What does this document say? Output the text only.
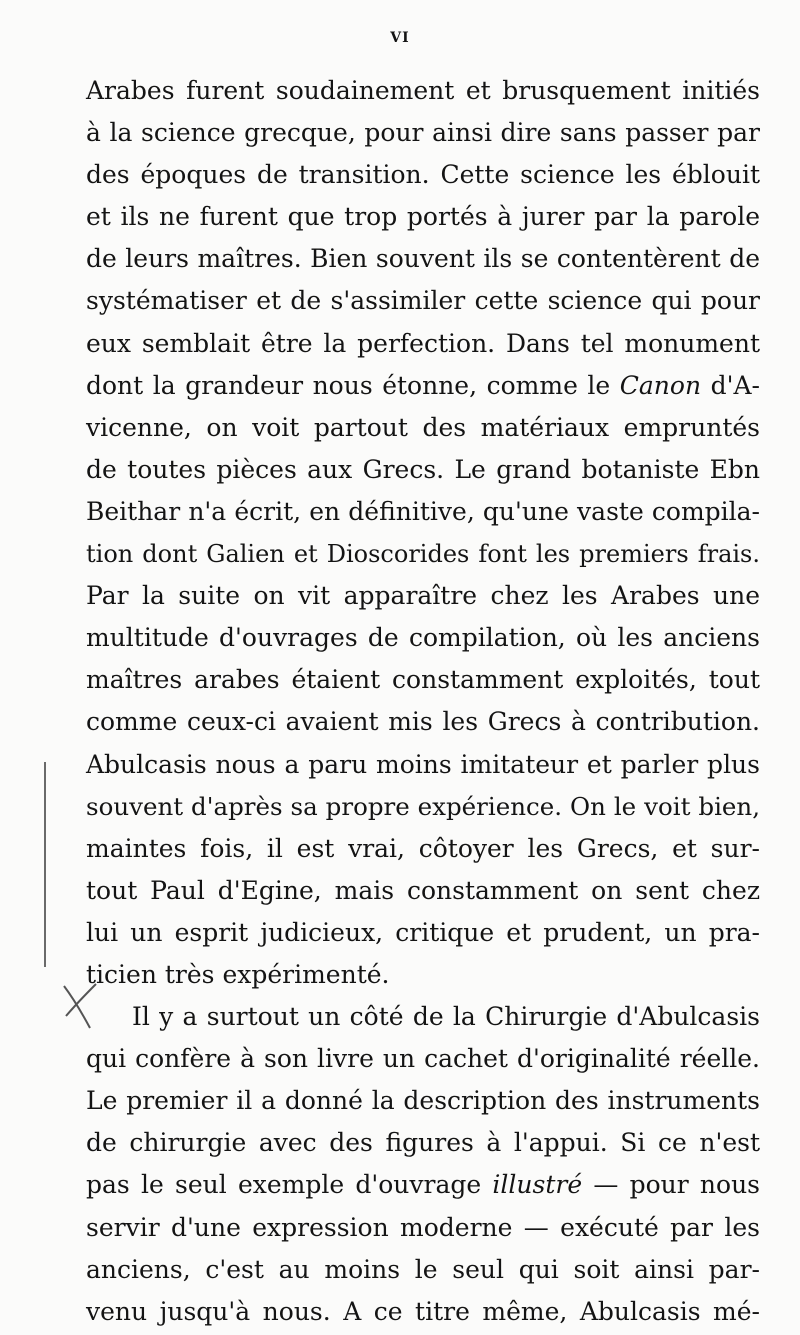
VI
Arabes furent soudainement et brusquement initiés
à la science grecque, pour ainsi dire sans passer par
des époques de transition. Cette science les éblouit
et ils ne furent que trop portés à jurer par la parole
de leurs maîtres. Bien souvent ils se contentèrent de
systématiser et de s'assimiler cette science qui pour
eux semblait être la perfection. Dans tel monument
dont la grandeur nous étonne, comme le Canon d'A-
vicenne, on voit partout des matériaux empruntés
de toutes pièces aux Grecs. Le grand botaniste Ebn
Beithar n'a écrit, en définitive, qu'une vaste compila-
tion dont Galien et Dioscorides font les premiers frais.
Par la suite on vit apparaître chez les Arabes une
multitude d'ouvrages de compilation, où les anciens
maîtres arabes étaient constamment exploités, tout
comme ceux-ci avaient mis les Grecs à contribution.
Abulcasis nous a paru moins imitateur et parler plus
souvent d'après sa propre expérience. On le voit bien,
maintes fois, il est vrai, côtoyer les Grecs, et sur-
tout Paul d'Egine, mais constamment on sent chez
lui un esprit judicieux, critique et prudent, un pra-
ticien très expérimenté.
Il y a surtout un côté de la Chirurgie d'Abulcasis
qui confère à son livre un cachet d'originalité réelle.
Le premier il a donné la description des instruments
de chirurgie avec des figures à l'appui. Si ce n'est
pas le seul exemple d'ouvrage illustré — pour nous
servir d'une expression moderne — exécuté par les
anciens, c'est au moins le seul qui soit ainsi par-
venu jusqu'à nous. A ce titre même, Abulcasis mé-
